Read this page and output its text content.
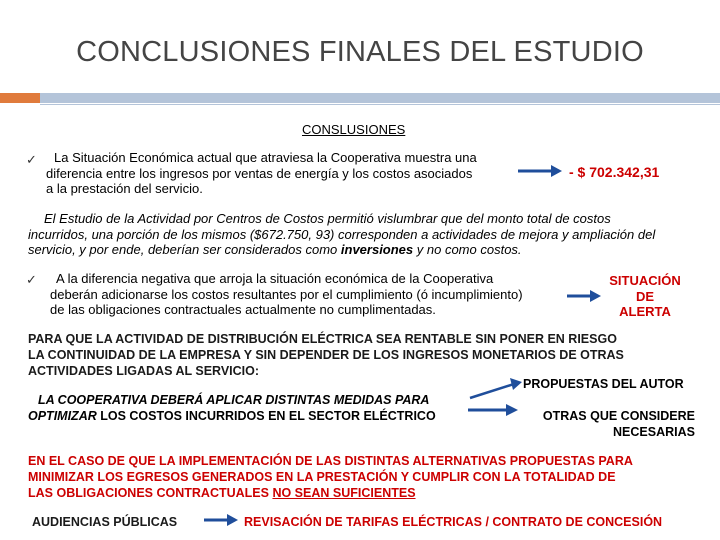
CONCLUSIONES FINALES DEL ESTUDIO
CONSLUSIONES
✓	La Situación Económica actual que atraviesa la Cooperativa muestra una
diferencia entre los ingresos por ventas de energía y los costos asociados
a la prestación del servicio.
- $ 702.342,31
El Estudio de la Actividad por Centros de Costos permitió vislumbrar que del monto total de costos
incurridos, una porción de los mismos ($672.750, 93) corresponden a actividades de mejora y ampliación del
servicio, y por ende, deberían ser considerados como inversiones y no como costos.
✓	A la diferencia negativa que arroja la situación económica de la Cooperativa
deberán adicionarse los costos resultantes por el cumplimiento (ó incumplimiento)
de las obligaciones contractuales actualmente no cumplimentadas.
SITUACIÓN
DE
ALERTA
PARA QUE LA ACTIVIDAD DE DISTRIBUCIÓN ELÉCTRICA SEA RENTABLE SIN PONER EN RIESGO
LA CONTINUIDAD DE LA EMPRESA Y SIN DEPENDER DE LOS INGRESOS MONETARIOS DE OTRAS
ACTIVIDADES LIGADAS AL SERVICIO:
LA COOPERATIVA DEBERÁ APLICAR DISTINTAS MEDIDAS PARA
OPTIMIZAR LOS COSTOS INCURRIDOS EN EL SECTOR ELÉCTRICO
PROPUESTAS DEL AUTOR
OTRAS QUE CONSIDERE
NECESARIAS
EN EL CASO DE QUE LA IMPLEMENTACIÓN DE LAS DISTINTAS ALTERNATIVAS PROPUESTAS PARA
MINIMIZAR LOS EGRESOS GENERADOS EN LA PRESTACIÓN Y CUMPLIR CON LA TOTALIDAD DE
LAS OBLIGACIONES CONTRACTUALES NO SEAN SUFICIENTES
AUDIENCIAS PÚBLICAS	REVISACIÓN DE TARIFAS ELÉCTRICAS / CONTRATO DE CONCESIÓN
